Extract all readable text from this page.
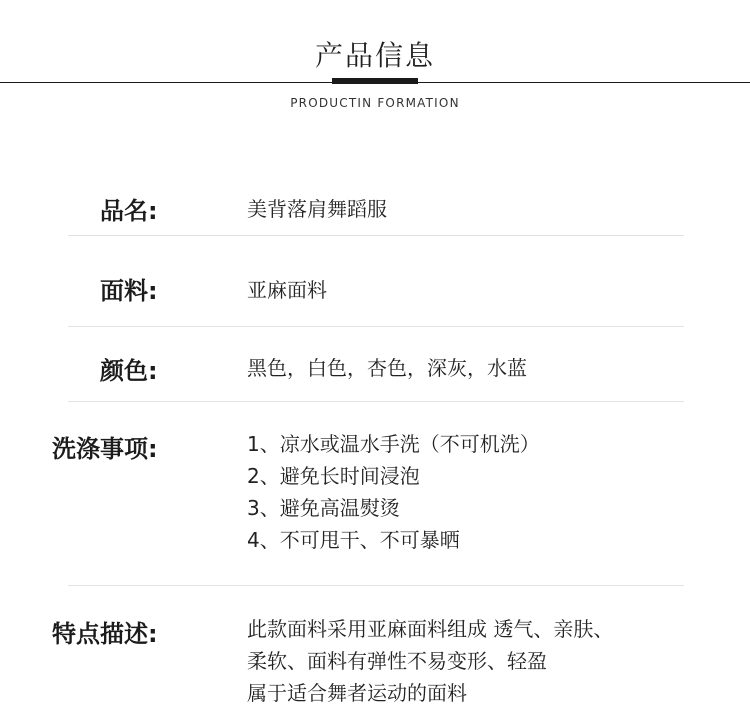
产品信息
PRODUCTIN FORMATION
品名:	美背落肩舞蹈服
面料:	亚麻面料
颜色:	黑色，白色，杏色，深灰，水蓝
洗涤事项:	1、凉水或温水手洗（不可机洗）
2、避免长时间浸泡
3、避免高温熨烫
4、不可甩干、不可暴晒
特点描述:	此款面料采用亚麻面料组成 透气、亲肤、
柔软、面料有弹性不易变形、轻盈
属于适合舞者运动的面料
